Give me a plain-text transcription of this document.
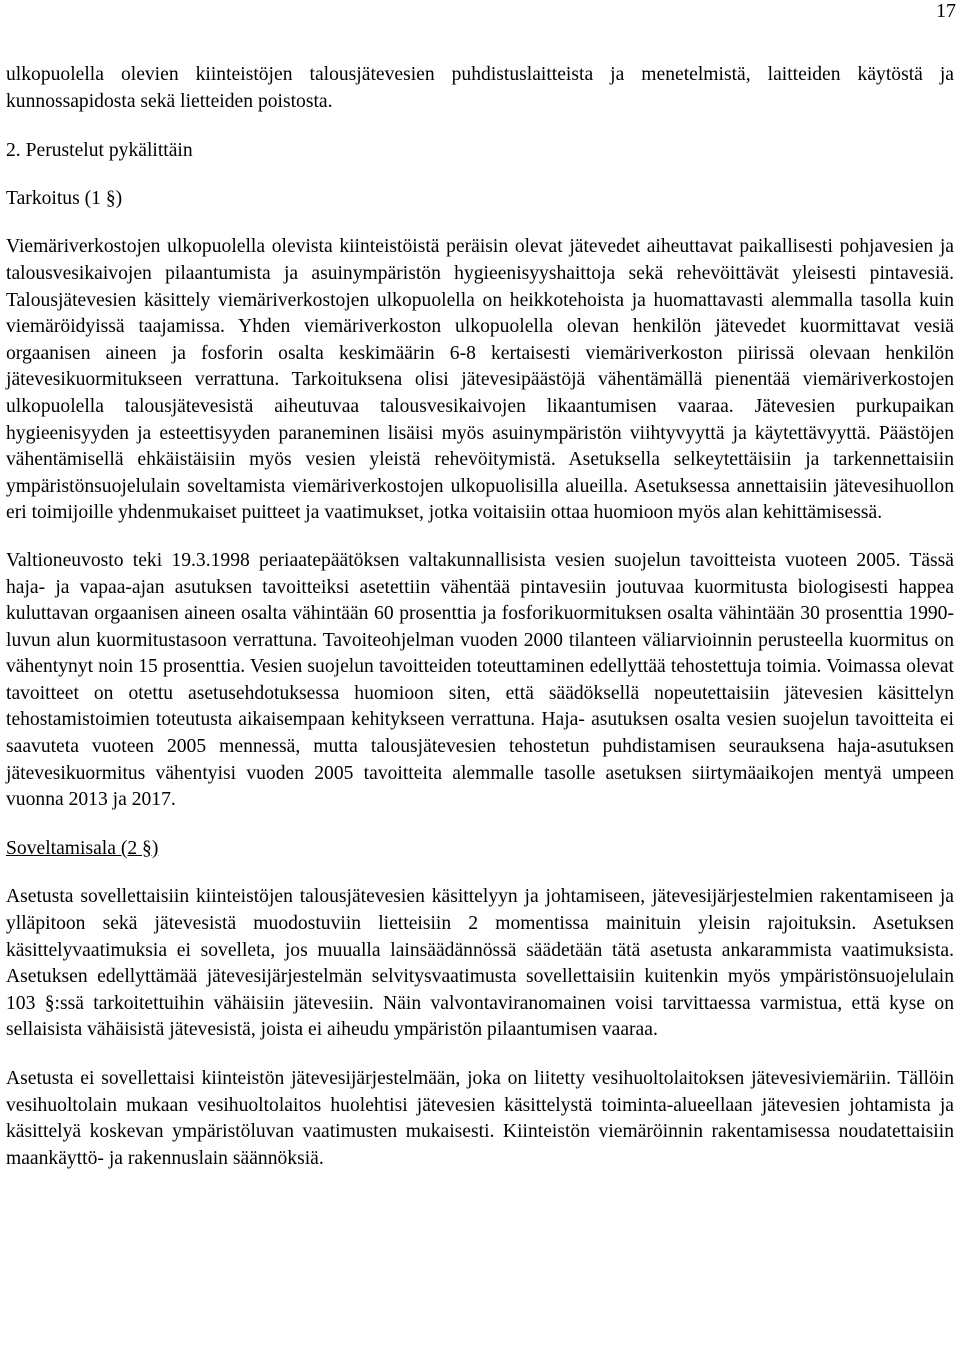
17

ulkopuolella olevien kiinteistöjen talousjätevesien puhdistuslaitteista ja menetelmistä, laitteiden käytöstä ja kunnossapidosta sekä lietteiden poistosta.

2. Perustelut pykälittäin

Tarkoitus (1 §)

Viemäriverkostojen ulkopuolella olevista kiinteistöistä peräisin olevat jätevedet aiheuttavat paikallisesti pohjavesien ja talousvesikaivojen pilaantumista ja asuinympäristön hygieenisyyshaittoja sekä rehevöittävät yleisesti pintavesiä. Talousjätevesien käsittely viemäriverkostojen ulkopuolella on heikkotehoista ja huomattavasti alemmalla tasolla kuin viemäröidyissä taajamissa. Yhden viemäriverkoston ulkopuolella olevan henkilön jätevedet kuormittavat vesiä orgaanisen aineen ja fosforin osalta keskimäärin 6-8 kertaisesti viemäriverkoston piirissä olevaan henkilön jätevesikuormitukseen verrattuna. Tarkoituksena olisi jätevesipäästöjä vähentämällä pienentää viemäriverkostojen ulkopuolella talousjätevesistä aiheutuvaa talousvesikaivojen likaantumisen vaaraa. Jätevesien purkupaikan hygieenisyyden ja esteettisyyden paraneminen lisäisi myös asuinympäristön viihtyvyyttä ja käytettävyyttä. Päästöjen vähentämisellä ehkäistäisiin myös vesien yleistä rehevöitymistä. Asetuksella selkeytettäisiin ja tarkennettaisiin ympäristönsuojelulain soveltamista viemäriverkostojen ulkopuolisilla alueilla. Asetuksessa annettaisiin jätevesihuollon eri toimijoille yhdenmukaiset puitteet ja vaatimukset, jotka voitaisiin ottaa huomioon myös alan kehittämisessä.

Valtioneuvosto teki 19.3.1998 periaatepäätöksen valtakunnallisista vesien suojelun tavoitteista vuoteen 2005. Tässä haja- ja vapaa-ajan asutuksen tavoitteiksi asetettiin vähentää pintavesiin joutuvaa kuormitusta biologisesti happea kuluttavan orgaanisen aineen osalta vähintään 60 prosenttia ja fosforikuormituksen osalta vähintään 30 prosenttia 1990-luvun alun kuormitustasoon verrattuna. Tavoiteohjelman vuoden 2000 tilanteen väliarvioinnin perusteella kuormitus on vähentynyt noin 15 prosenttia. Vesien suojelun tavoitteiden toteuttaminen edellyttää tehostettuja toimia. Voimassa olevat tavoitteet on otettu asetusehdotuksessa huomioon siten, että säädöksellä nopeutettaisiin jätevesien käsittelyn tehostamistoimien toteutusta aikaisempaan kehitykseen verrattuna. Haja- asutuksen osalta vesien suojelun tavoitteita ei saavuteta vuoteen 2005 mennessä, mutta talousjätevesien tehostetun puhdistamisen seurauksena haja-asutuksen jätevesikuormitus vähentyisi vuoden 2005 tavoitteita alemmalle tasolle asetuksen siirtymäaikojen mentyä umpeen vuonna 2013 ja 2017.

Soveltamisala (2 §)

Asetusta sovellettaisiin kiinteistöjen talousjätevesien käsittelyyn ja johtamiseen, jätevesijärjestelmien rakentamiseen ja ylläpitoon sekä jätevesistä muodostuviin lietteisiin 2 momentissa mainituin yleisin rajoituksin. Asetuksen käsittelyvaatimuksia ei sovelleta, jos muualla lainsäädännössä säädetään tätä asetusta ankarammista vaatimuksista. Asetuksen edellyttämää jätevesijärjestelmän selvitysvaatimusta sovellettaisiin kuitenkin myös ympäristönsuojelulain 103 §:ssä tarkoitettuihin vähäisiin jätevesiin. Näin valvontaviranomainen voisi tarvittaessa varmistua, että kyse on sellaisista vähäisistä jätevesistä, joista ei aiheudu ympäristön pilaantumisen vaaraa.

Asetusta ei sovellettaisi kiinteistön jätevesijärjestelmään, joka on liitetty vesihuoltolaitoksen jätevesiviemäriin. Tällöin vesihuoltolain mukaan vesihuoltolaitos huolehtisi jätevesien käsittelystä toiminta-alueellaan jätevesien johtamista ja käsittelyä koskevan ympäristöluvan vaatimusten mukaisesti. Kiinteistön viemäröinnin rakentamisessa noudatettaisiin maankäyttö- ja rakennuslain säännöksiä.
